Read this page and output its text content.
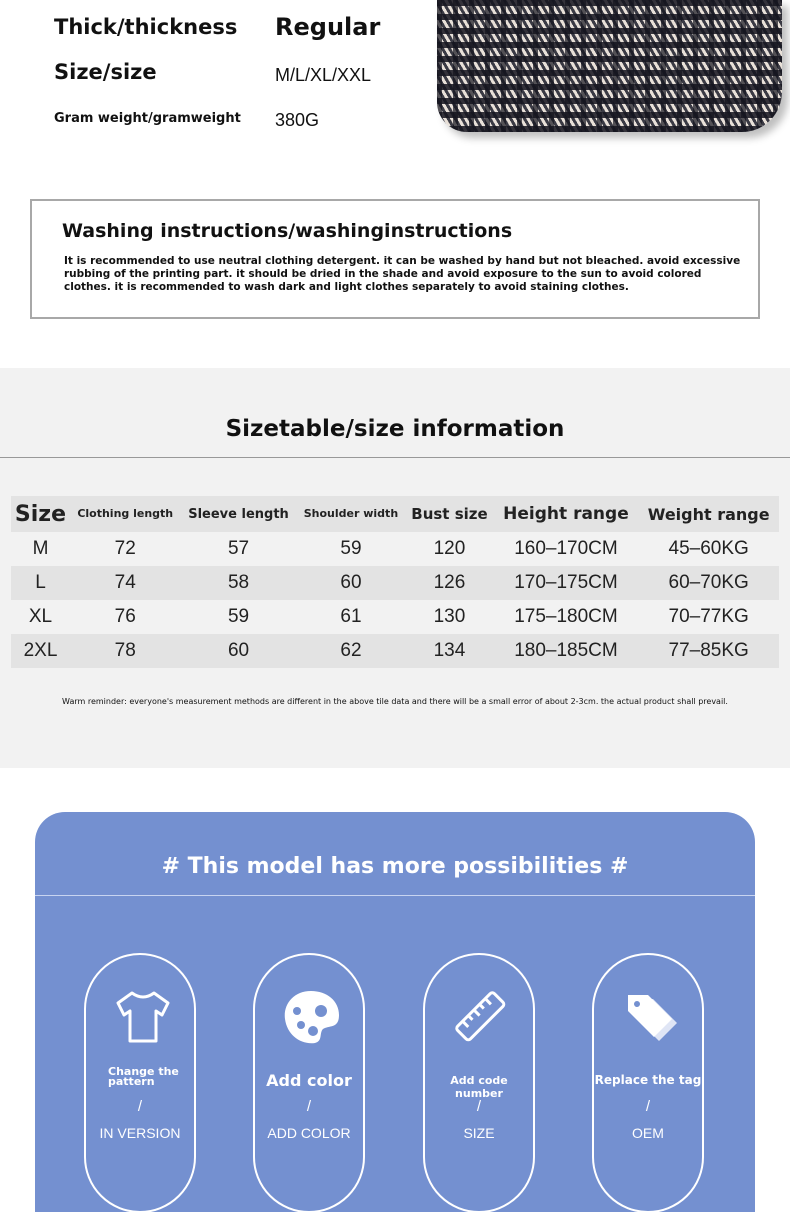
Thick/thickness Regular
Size/size	M/L/XL/XXL
Gram weight/gramweight 380G
Washing instructions/washinginstructions
It is recommended to use neutral clothing detergent. it can be washed by hand but not bleached. avoid excessive rubbing of the printing part. it should be dried in the shade and avoid exposure to the sun to avoid colored clothes. it is recommended to wash dark and light clothes separately to avoid staining clothes.
Sizetable/size information
Warm reminder: everyone's measurement methods are different in the above tile data and there will be a small error of about 2-3cm. the actual product shall prevail.
Size	Clothing length	Sleeve length	Shoulder width	Bust size	Height range	Weight range
M	72	57	59	120	160–170CM	45–60KG
L	74	58	60	126	170–175CM	60–70KG
XL	76	59	61	130	175–180CM	70–77KG
2XL	78	60	62	134	180–185CM	77–85KG
# This model has more possibilities #
Change the pattern
/
IN VERSION
Add color
/
ADD COLOR
Add code number
/
SIZE
Replace the tag
/
OEM
